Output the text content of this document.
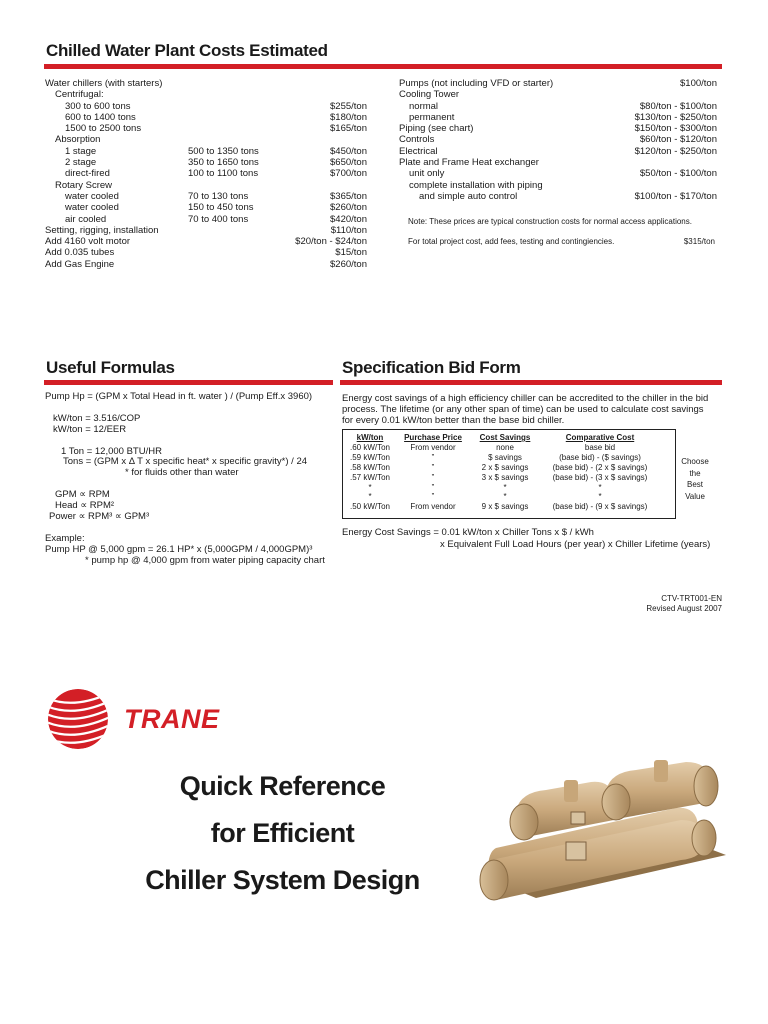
Chilled Water Plant Costs Estimated
Water chillers (with starters)
Centrifugal:
300 to 600 tons	$255/ton
600 to 1400 tons	$180/ton
1500 to 2500 tons	$165/ton
Absorption
1 stage	500 to 1350 tons	$450/ton
2 stage	350 to 1650 tons	$650/ton
direct-fired	100 to 1100 tons	$700/ton
Rotary Screw
water cooled	70 to 130 tons	$365/ton
water cooled	150 to 450 tons	$260/ton
air cooled	70 to 400 tons	$420/ton
Setting, rigging, installation	$110/ton
Add 4160 volt motor	$20/ton - $24/ton
Add 0.035 tubes	$15/ton
Add Gas Engine	$260/ton
Pumps (not including VFD or starter)	$100/ton
Cooling Tower
normal	$80/ton - $100/ton
permanent	$130/ton - $250/ton
Piping (see chart)	$150/ton - $300/ton
Controls	$60/ton - $120/ton
Electrical	$120/ton - $250/ton
Plate and Frame Heat exchanger
unit only	$50/ton - $100/ton
complete installation with piping
and simple auto control	$100/ton - $170/ton
Note: These prices are typical construction costs for normal access applications.
For total project cost, add fees, testing and contingiencies.	$315/ton
Useful Formulas
Pump Hp = (GPM x Total Head in ft. water ) / (Pump Eff.x 3960)
kW/ton = 3.516/COP
kW/ton = 12/EER
1 Ton = 12,000 BTU/HR
Tons = (GPM x Δ T x specific heat* x specific gravity*) / 24
* for fluids other than water
GPM ∝ RPM
Head ∝ RPM²
Power ∝ RPM³ ∝ GPM³
Example:
Pump HP @ 5,000 gpm = 26.1 HP* x (5,000GPM / 4,000GPM)³
* pump hp @ 4,000 gpm from water piping capacity chart
Specification Bid Form
Energy cost savings of a high efficiency chiller can be accredited to the chiller in the bid process. The lifetime (or any other span of time) can be used to calculate cost savings for every 0.01 kW/ton better than the base bid chiller.
kW/ton	Purchase Price	Cost Savings	Comparative Cost
.60 kW/Ton	From vendor	none	base bid
.59 kW/Ton	”	$ savings	(base bid) - ($ savings)
.58 kW/Ton	”	2 x $ savings	(base bid) - (2 x $ savings)
.57 kW/Ton	”	3 x $ savings	(base bid) - (3 x $ savings)
*	”	*	*
*	”	*	*
.50 kW/Ton	From vendor	9 x $ savings	(base bid) - (9 x $ savings)
Choose
the
Best
Value
Energy Cost Savings = 0.01 kW/ton x Chiller Tons x $ / kWh
x Equivalent Full Load Hours (per year) x Chiller Lifetime (years)
CTV-TRT001-EN
Revised August 2007
TRANE
Quick Reference
for Efficient
Chiller System Design
